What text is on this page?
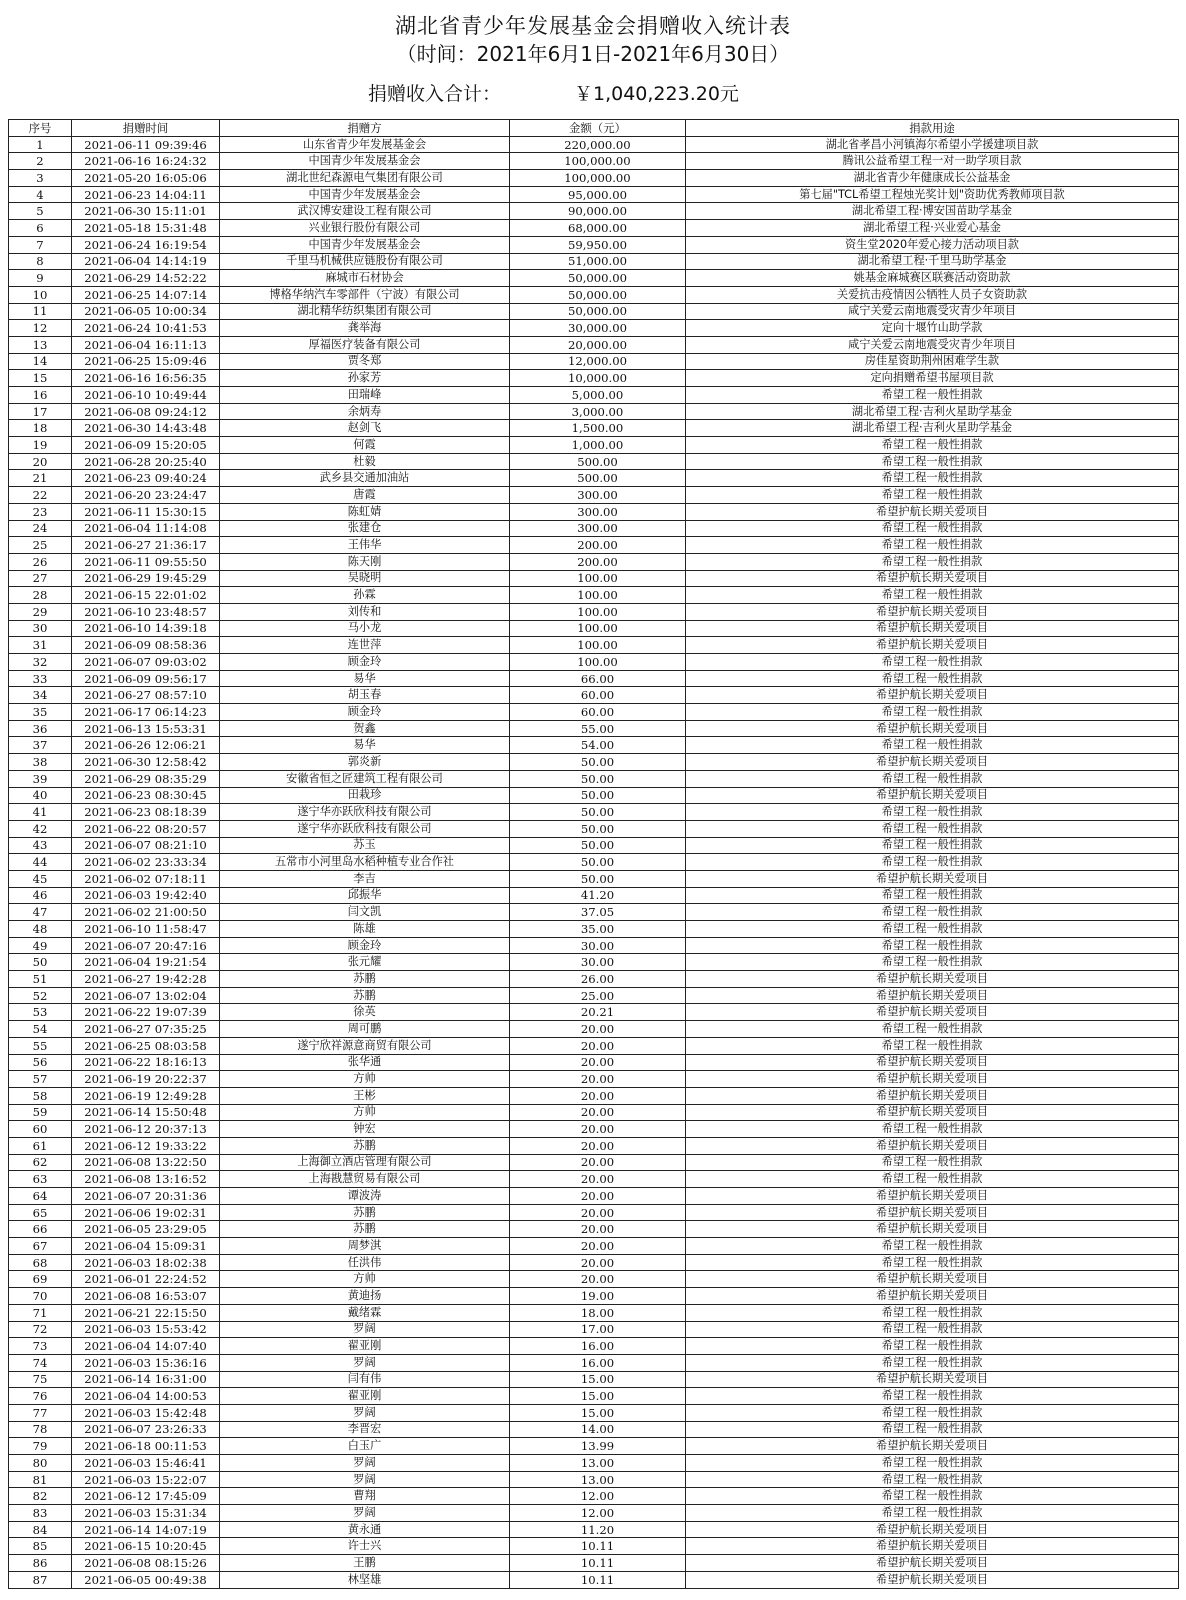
湖北省青少年发展基金会捐赠收入统计表
（时间：2021年6月1日-2021年6月30日）
捐赠收入合计：	￥1,040,223.20元
序号	捐赠时间	捐赠方	金额（元）	捐款用途
1	2021-06-11 09:39:46	山东省青少年发展基金会	220,000.00	湖北省孝昌小河镇海尔希望小学援建项目款
2	2021-06-16 16:24:32	中国青少年发展基金会	100,000.00	腾讯公益希望工程一对一助学项目款
3	2021-05-20 16:05:06	湖北世纪森源电气集团有限公司	100,000.00	湖北省青少年健康成长公益基金
4	2021-06-23 14:04:11	中国青少年发展基金会	95,000.00	第七届"TCL希望工程烛光奖计划"资助优秀教师项目款
5	2021-06-30 15:11:01	武汉博安建设工程有限公司	90,000.00	湖北希望工程·博安国苗助学基金
6	2021-05-18 15:31:48	兴业银行股份有限公司	68,000.00	湖北希望工程·兴业爱心基金
7	2021-06-24 16:19:54	中国青少年发展基金会	59,950.00	资生堂2020年爱心接力活动项目款
8	2021-06-04 14:14:19	千里马机械供应链股份有限公司	51,000.00	湖北希望工程·千里马助学基金
9	2021-06-29 14:52:22	麻城市石材协会	50,000.00	姚基金麻城赛区联赛活动资助款
10	2021-06-25 14:07:14	博格华纳汽车零部件（宁波）有限公司	50,000.00	关爱抗击疫情因公牺牲人员子女资助款
11	2021-06-05 10:00:34	湖北精华纺织集团有限公司	50,000.00	咸宁关爱云南地震受灾青少年项目
12	2021-06-24 10:41:53	龚举海	30,000.00	定向十堰竹山助学款
13	2021-06-04 16:11:13	厚福医疗装备有限公司	20,000.00	咸宁关爱云南地震受灾青少年项目
14	2021-06-25 15:09:46	贾冬郑	12,000.00	房佳星资助荆州困难学生款
15	2021-06-16 16:56:35	孙家芳	10,000.00	定向捐赠希望书屋项目款
16	2021-06-10 10:49:44	田瑞峰	5,000.00	希望工程一般性捐款
17	2021-06-08 09:24:12	余炳寿	3,000.00	湖北希望工程·吉利火星助学基金
18	2021-06-30 14:43:48	赵剑飞	1,500.00	湖北希望工程·吉利火星助学基金
19	2021-06-09 15:20:05	何霞	1,000.00	希望工程一般性捐款
20	2021-06-28 20:25:40	杜毅	500.00	希望工程一般性捐款
21	2021-06-23 09:40:24	武乡县交通加油站	500.00	希望工程一般性捐款
22	2021-06-20 23:24:47	唐霞	300.00	希望工程一般性捐款
23	2021-06-11 15:30:15	陈虹婧	300.00	希望护航长期关爱项目
24	2021-06-04 11:14:08	张建仓	300.00	希望工程一般性捐款
25	2021-06-27 21:36:17	王伟华	200.00	希望工程一般性捐款
26	2021-06-11 09:55:50	陈天刚	200.00	希望工程一般性捐款
27	2021-06-29 19:45:29	吴晓明	100.00	希望护航长期关爱项目
28	2021-06-15 22:01:02	孙霖	100.00	希望工程一般性捐款
29	2021-06-10 23:48:57	刘传和	100.00	希望护航长期关爱项目
30	2021-06-10 14:39:18	马小龙	100.00	希望护航长期关爱项目
31	2021-06-09 08:58:36	连世萍	100.00	希望护航长期关爱项目
32	2021-06-07 09:03:02	顾金玲	100.00	希望工程一般性捐款
33	2021-06-09 09:56:17	易华	66.00	希望工程一般性捐款
34	2021-06-27 08:57:10	胡玉春	60.00	希望护航长期关爱项目
35	2021-06-17 06:14:23	顾金玲	60.00	希望工程一般性捐款
36	2021-06-13 15:53:31	贺鑫	55.00	希望护航长期关爱项目
37	2021-06-26 12:06:21	易华	54.00	希望工程一般性捐款
38	2021-06-30 12:58:42	郭炎新	50.00	希望护航长期关爱项目
39	2021-06-29 08:35:29	安徽省恒之匠建筑工程有限公司	50.00	希望工程一般性捐款
40	2021-06-23 08:30:45	田栽珍	50.00	希望护航长期关爱项目
41	2021-06-23 08:18:39	遂宁华亦跃欣科技有限公司	50.00	希望工程一般性捐款
42	2021-06-22 08:20:57	遂宁华亦跃欣科技有限公司	50.00	希望工程一般性捐款
43	2021-06-07 08:21:10	苏玉	50.00	希望工程一般性捐款
44	2021-06-02 23:33:34	五常市小河里岛水稻种植专业合作社	50.00	希望工程一般性捐款
45	2021-06-02 07:18:11	李吉	50.00	希望护航长期关爱项目
46	2021-06-03 19:42:40	邱振华	41.20	希望工程一般性捐款
47	2021-06-02 21:00:50	闫文凯	37.05	希望工程一般性捐款
48	2021-06-10 11:58:47	陈雄	35.00	希望工程一般性捐款
49	2021-06-07 20:47:16	顾金玲	30.00	希望工程一般性捐款
50	2021-06-04 19:21:54	张元耀	30.00	希望工程一般性捐款
51	2021-06-27 19:42:28	苏鹏	26.00	希望护航长期关爱项目
52	2021-06-07 13:02:04	苏鹏	25.00	希望护航长期关爱项目
53	2021-06-22 19:07:39	徐英	20.21	希望护航长期关爱项目
54	2021-06-27 07:35:25	周可鹏	20.00	希望工程一般性捐款
55	2021-06-25 08:03:58	遂宁欣祥源意商贸有限公司	20.00	希望工程一般性捐款
56	2021-06-22 18:16:13	张华通	20.00	希望护航长期关爱项目
57	2021-06-19 20:22:37	方帅	20.00	希望护航长期关爱项目
58	2021-06-19 12:49:28	王彬	20.00	希望护航长期关爱项目
59	2021-06-14 15:50:48	方帅	20.00	希望护航长期关爱项目
60	2021-06-12 20:37:13	钟宏	20.00	希望工程一般性捐款
61	2021-06-12 19:33:22	苏鹏	20.00	希望护航长期关爱项目
62	2021-06-08 13:22:50	上海御立酒店管理有限公司	20.00	希望工程一般性捐款
63	2021-06-08 13:16:52	上海戡慧贸易有限公司	20.00	希望工程一般性捐款
64	2021-06-07 20:31:36	谭波涛	20.00	希望护航长期关爱项目
65	2021-06-06 19:02:31	苏鹏	20.00	希望护航长期关爱项目
66	2021-06-05 23:29:05	苏鹏	20.00	希望护航长期关爱项目
67	2021-06-04 15:09:31	周梦淇	20.00	希望工程一般性捐款
68	2021-06-03 18:02:38	任洪伟	20.00	希望工程一般性捐款
69	2021-06-01 22:24:52	方帅	20.00	希望护航长期关爱项目
70	2021-06-08 16:53:07	黄迪扬	19.00	希望护航长期关爱项目
71	2021-06-21 22:15:50	戴绪霖	18.00	希望工程一般性捐款
72	2021-06-03 15:53:42	罗阔	17.00	希望工程一般性捐款
73	2021-06-04 14:07:40	翟亚刚	16.00	希望工程一般性捐款
74	2021-06-03 15:36:16	罗阔	16.00	希望工程一般性捐款
75	2021-06-14 16:31:00	闫有伟	15.00	希望护航长期关爱项目
76	2021-06-04 14:00:53	翟亚刚	15.00	希望工程一般性捐款
77	2021-06-03 15:42:48	罗阔	15.00	希望工程一般性捐款
78	2021-06-07 23:26:33	李晋宏	14.00	希望工程一般性捐款
79	2021-06-18 00:11:53	白玉广	13.99	希望护航长期关爱项目
80	2021-06-03 15:46:41	罗阔	13.00	希望工程一般性捐款
81	2021-06-03 15:22:07	罗阔	13.00	希望工程一般性捐款
82	2021-06-12 17:45:09	曹翔	12.00	希望工程一般性捐款
83	2021-06-03 15:31:34	罗阔	12.00	希望工程一般性捐款
84	2021-06-14 14:07:19	黄永通	11.20	希望护航长期关爱项目
85	2021-06-15 10:20:45	许士兴	10.11	希望护航长期关爱项目
86	2021-06-08 08:15:26	王鹏	10.11	希望护航长期关爱项目
87	2021-06-05 00:49:38	林坚雄	10.11	希望护航长期关爱项目
